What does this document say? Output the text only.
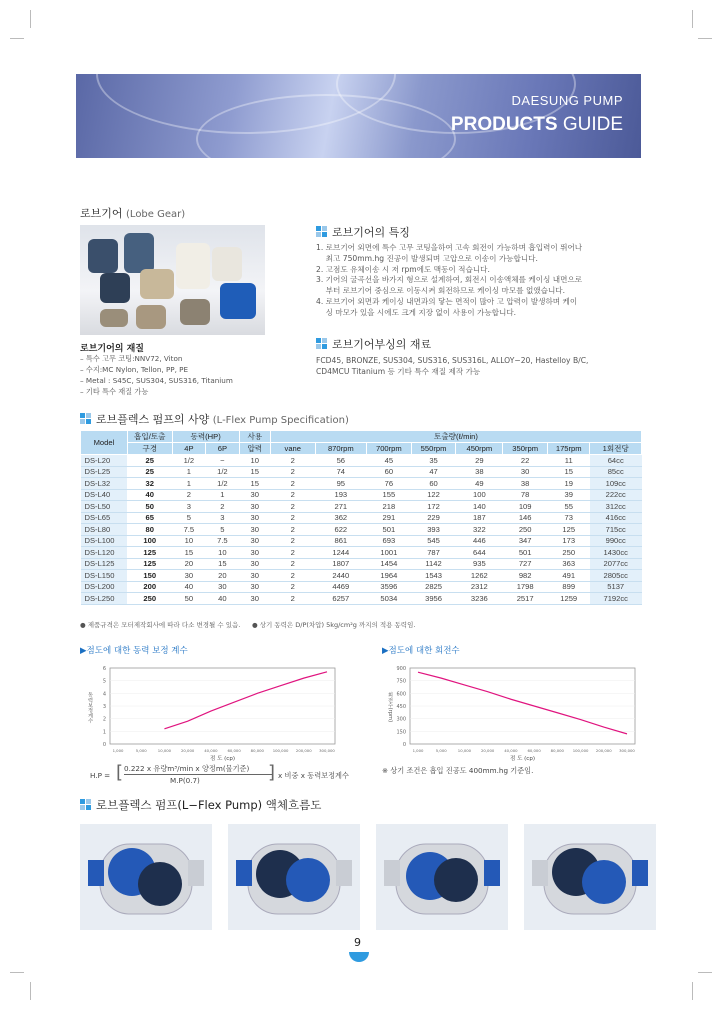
DAESUNG PUMP
PRODUCTS GUIDE
로브기어 (Lobe Gear)
로브기어의 재질
– 특수 고무 코팅:NNV72, Viton
– 수지:MC Nylon, Tellon, PP, PE
– Metal : S45C, SUS304, SUS316, Titanium
– 기타 특수 재질 가능
로브기어의 특징
1. 로브기어 외면에 특수 고무 코팅을하여 고속 회전이 가능하며 흡입력이 뛰어나
최고 750mm.hg 진공이 발생되며 고압으로 이송이 가능합니다.
2. 고점도 유체이송 시 저 rpm에도 맥동이 적습니다.
3. 기어의 굴곡선을 바가지 형으로 설계하여, 회전시 이송액체를 케이싱 내면으로
부터 로브기어 중심으로 이동시켜 회전하므로 케이싱 마모를 없앴습니다.
4. 로브기어 외면과 케이싱 내면과의 닿는 면적이 많아 고 압력이 발생하며 케이
싱 마모가 있을 시에도 크게 지장 없이 사용이 가능합니다.
로브기어부싱의 재료
FCD45, BRONZE, SUS304, SUS316, SUS316L, ALLOY−20, Hastelloy B/C,
CD4MCU Titanium 등 기타 특수 재질 제작 가능
로브플렉스 펌프의 사양 (L-Flex Pump Specification)
Model	흡입/토출	동력(HP)		사용	토출량(ℓ/min)							
	구경	4P	6P	압력	vane	870rpm	700rpm	550rpm	450rpm	350rpm	175rpm	1회전당
DS-L20	25	1/2	−	10	2	56	45	35	29	22	11	64cc
DS-L25	25	1	1/2	15	2	74	60	47	38	30	15	85cc
DS-L32	32	1	1/2	15	2	95	76	60	49	38	19	109cc
DS-L40	40	2	1	30	2	193	155	122	100	78	39	222cc
DS-L50	50	3	2	30	2	271	218	172	140	109	55	312cc
DS-L65	65	5	3	30	2	362	291	229	187	146	73	416cc
DS-L80	80	7.5	5	30	2	622	501	393	322	250	125	715cc
DS-L100	100	10	7.5	30	2	861	693	545	446	347	173	990cc
DS-L120	125	15	10	30	2	1244	1001	787	644	501	250	1430cc
DS-L125	125	20	15	30	2	1807	1454	1142	935	727	363	2077cc
DS-L150	150	30	20	30	2	2440	1964	1543	1262	982	491	2805cc
DS-L200	200	40	30	30	2	4469	3596	2825	2312	1798	899	5137
DS-L250	250	50	40	30	2	6257	5034	3956	3236	2517	1259	7192cc
● 제품규격은 모터제작회사에 따라 다소 변경될 수 있음. ● 상기 동력은 D/P(차압) 5kg/cm²g 까지의 적용 동력임.
▶점도에 대한 동력 보정 계수	▶점도에 대한 회전수
0
1
2
3
4
5
6
1,000	5,000	10,000	20,000	40,000	60,000	80,000 100,000 200,000 300,000
동력보정계수
점 도 (cp)
0
150
300
450
600
750
900
1,000	5,000	10,000	20,000	40,000	60,000	80,000 100,000 200,000 300,000
회전수(rpm)
점 도 (cp)
H.P = [ 0.222 x 유량m³/min x 양정m(물기준)
M.P(0.7)	] x 비중 x 동력보정계수
※ 상기 조건은 흡입 진공도 400mm.hg 기준임.
로브플렉스 펌프(L−Flex Pump) 액체흐름도
9
